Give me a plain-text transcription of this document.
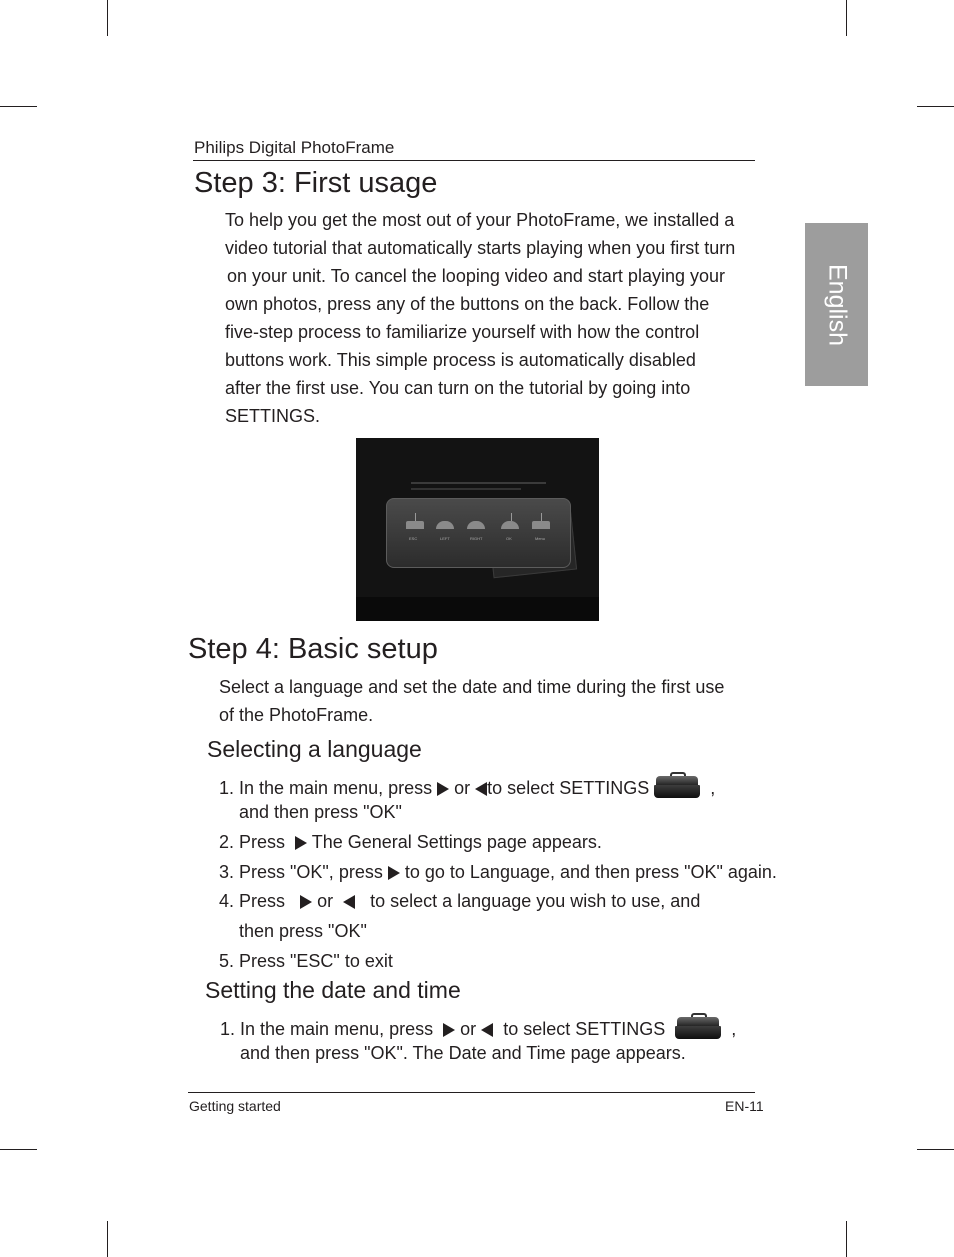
Philips Digital PhotoFrame
English
Step 3: First usage
To help you get the most out of your PhotoFrame, we installed a
video tutorial that automatically starts playing when you first turn
on your unit. To cancel the looping video and start playing your
own photos, press any of the buttons on the back. Follow the
five-step process to familiarize yourself with how the control
buttons work. This simple process is automatically disabled
after the first use. You can turn on the tutorial by going into
SETTINGS.
ESC	LEFT	RIGHT	OK	Menu
Step 4: Basic setup
Select a language and set the date and time during the first use
of the PhotoFrame.
Selecting a language
1. In the main menu, press or to select SETTINGS	,
and then press "OK"
2. Press The General Settings page appears.
3. Press "OK", press to go to Language, and then press "OK" again.
4. Press or to select a language you wish to use, and
then press "OK"
5. Press "ESC" to exit
Setting the date and time
1. In the main menu, press or to select SETTINGS	,
and then press "OK". The Date and Time page appears.
Getting started	EN-11
